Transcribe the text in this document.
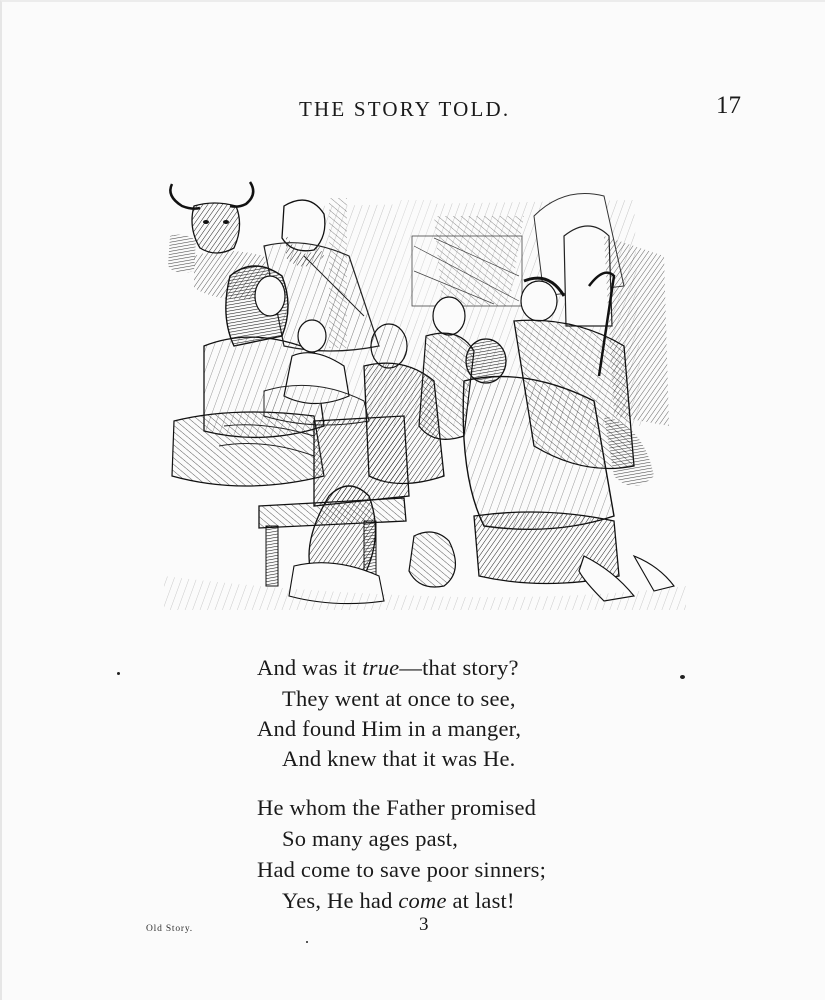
THE STORY TOLD.	17
And was it true—that story?
They went at once to see,
And found Him in a manger,
And knew that it was He.
He whom the Father promised
So many ages past,
Had come to save poor sinners;
Yes, He had come at last!
Old Story.	3
